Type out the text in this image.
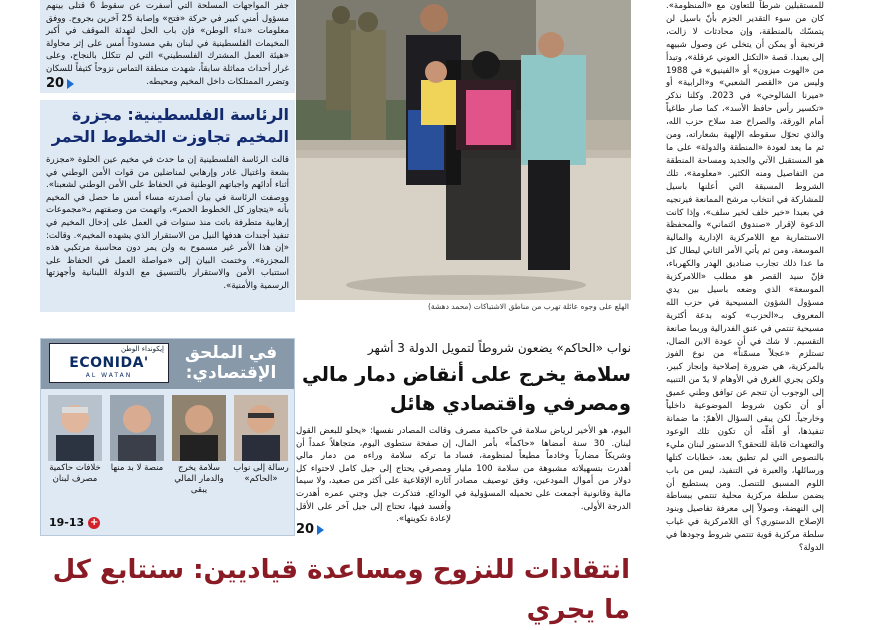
جفر المواجهات المسلحة التي أسفرت عن سقوط 6 قتلى بينهم مسؤول أمني كبير في حركة «فتح» وإصابة 25 آخرين بجروح. ووفق معلومات «نداء الوطن» فإن باب الحل لتهدئة الموقف في أكبر المخيمات الفلسطينية في لبنان بقي مسدوداً أمس على إثر محاولة «هيئة العمل المشترك الفلسطيني» التي لم تتكلل بالنجاح، وعلى غرار أحداث مماثلة سابقاً، شهدت منطقة التماس نزوحاً كثيفاً للسكان وتضرر الممتلكات داخل المخيم ومحيطه.
20
الرئاسة الفلسطينية: مجزرة المخيم تجاوزت الخطوط الحمر
قالت الرئاسة الفلسطينية إن ما حدث في مخيم عين الحلوة «مجزرة بشعة واغتيال غادر وإرهابي لمناضلين من قوات الأمن الوطني في أثناء أدائهم واجباتهم الوطنية في الحفاظ على الأمن الوطني لشعبنا». ووصفت الرئاسة في بيان أصدرته مساء أمس ما حصل في المخيم بأنه «يتجاوز كل الخطوط الحمر»، واتهمت من وصفتهم بـ«مجموعات إرهابية متطرفة باتت منذ سنوات في العمل على إدخال المخيم في تنفيذ أجندات هدفها النيل من الاستقرار الذي يشهده المخيم». وقالت: «إن هذا الأمر غير مسموح به ولن يمر دون محاسبة مرتكبي هذه المجزرة». وختمت البيان إلى «مواصلة العمل في الحفاظ على استتباب الأمن والاستقرار بالتنسيق مع الدولة اللبنانية وأجهزتها الرسمية والأمنية».
الهلع على وجوه عائلة تهرب من مناطق الاشتباكات (محمد دهشة)
في الملحق الإقتصادي:
إيكونداء الوطن
ECONIDA'
AL WATAN
رسالة إلى نواب «الحاكم»
سلامة يخرج والدمار المالي يبقى
منصة لا بد منها
خلافات حاكمية مصرف لبنان
19-13 +
نواب «الحاكم» يضعون شروطاً لتمويل الدولة 3 أشهر
سلامة يخرج على أنقاض دمار مالي ومصرفي واقتصادي هائل
اليوم، هو الأخير لرياض سلامة في حاكمية مصرف لبنان. 30 سنة أمضاها «حاكماً» بأمر المال، وشريكاً مضارباً وخادماً مطيعاً لمنظومة، فساد أهدرت بتسهيلاته مشبوهة من سلامة 100 مليار دولار من أموال المودعين، وفق توصيف مصادر مالية وقانونية أجمعت على تحميله المسؤولية في الدرجة الأولى.
وقالت المصادر نفسها: «يحلو للبعض القول إن صفحة ستطوى اليوم، متجاهلاً عمداً أن ما تركه سلامة وراءه من دمار مالي ومصرفي يحتاج إلى جيل كامل لاحتواء كل آثاره الإقلاعية على أكثر من صعيد، ولا سيما الودائع. فتذكرت جيل وجني عمره أهدرت وأفسد فيها، تحتاج إلى جيل آخر على الأقل لإعادة تكوينها».
20
انتقادات للنزوح ومساعدة قياديين: سنتابع كل ما يجري
للمستقبلين شرطاً للتعاون مع «المنظومة». كان من سوء التقدير الجزم بأنّ باسيل لن يتمسّك بالمنطقة، وإن محادثات لا زالت، فرنجية أو يمكن أن يتخلى عن وصول شبيهه إلى بعبدا. قصة «التكتل العوني عرقلة»، وتبدأ من «الهوت ميزون» أو «الفينيق» في 1988 وليس من «القصر الشعبي» و«الرابية» أو «ميرنا الشالوحي» في 2023. وكلنا نذكر «تكسير رأس حافظ الأسد»، كما صار طاغياً أمام الورقة، والصراخ ضد سلاح حزب الله، والذي تحوّل سقوطه الإلهية بشعاراته، ومن ثم ما يعد لعودة «المنطقة والدولة» على ما هو المستقبل الآتي والجديد ومساحة المنطقة من التفاصيل ومنه الكثير. «معلومة»، تلك الشروط المسبقة التي أعلنها باسيل للمشاركة في انتخاب مرشح الممانعة فيرنجيه في بعبدا «خير خلف لخير سلف»، وإذا كانت الدعوة لإقرار «صندوق ائتماني» والمحفظة الاستثمارية مع اللامركزية الإدارية والمالية الموسعة، ومن ثم يأتي الأمر الثاني ليطال كل ما عدا ذلك تجارب صناديق الهدر والكهرباء، فإنّ سيد القصر هو مطلب «اللامركزية الموسعة» الذي وضعه باسيل بين يدي مسؤول الشؤون المسيحية في حزب الله المعروف بـ«الحزب» كونه بدعة أكثرية مسيحية تنتمي في عنق الفدرالية وربما صانعة التقسيم. لا شك في أن عودة الابن الضال، تستلزم «عجلاً مسمّناً» من نوع الفوز بالمركزية، هي ضرورة إصلاحية وإنجاز كبير، ولكن يجري الغرق في الأوهام لا يدّ من التنبيه إلى الوجوب أن تنجم عن توافق وطني عميق أو أن تكون شروط الموضوعية داخلياً وخارجياً. لكن يبقى السؤال الأهمّ: ما ضمانة تنفيذها، أو أقلّه أن تكون تلك الوعود والتعهدات قابلة للتحقق؟ الدستور لبنان مليء بالنصوص التي لم تطبق بعد، خطابات كتلها ورسائلها، والعبرة في التنفيذ، ليس من باب اللوم المسبق للتنصل. ومن يستطيع أن يضمن سلطة مركزية محلية تنتمي ببساطة إلى النهضة، وصولاً إلى معرفة تفاصيل وبنود الإصلاح الدستوري؟ أي اللامركزية في غياب سلطة مركزية قوية تنتمي شروط وجودها في الدولة؟
